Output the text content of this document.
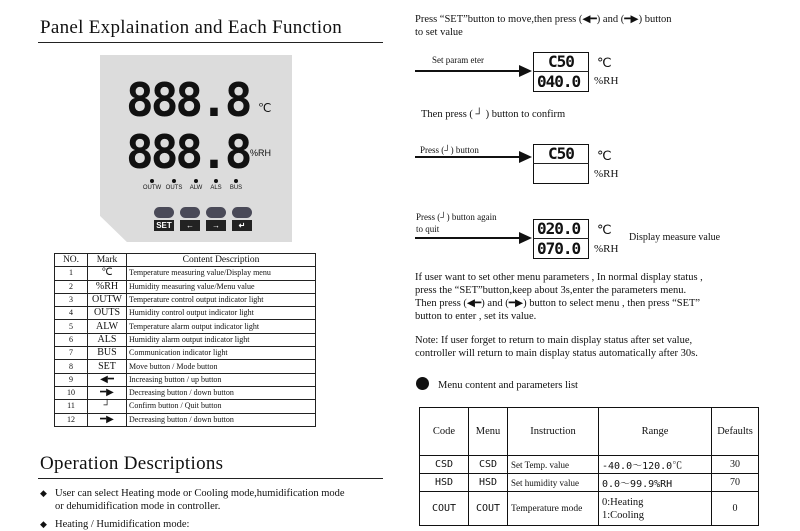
Panel Explaination and Each Function
888.8 ℃
888.8 %RH
OUTW OUTS	ALW	ALS	BUS
SET	←	→	↵
NO.	Mark	Content Description
1	℃	Temperature measuring value/Display menu
2	%RH	Humidity measuring value/Menu value
3	OUTW	Temperature control output indicator light
4	OUTS	Humidity control output indicator light
5	ALW	Temperature alarm output indicator light
6	ALS	Humidity alarm output indicator light
7	BUS	Communication indicator light
8	SET	Move button / Mode button
9	◀━	Increasing button / up button
10	━▶	Decreasing button / down button
11	┘	Confirm button / Quit button
12	━▶	Decreasing button / down button
Operation Descriptions
◆ User can select Heating mode or Cooling mode,humidification mode
or dehumidification mode in controller.
◆ Heating / Humidification mode:
Press “SET”button to move,then press (◀━) and (━▶) button
to set value
Set param eter	C50
040.0
℃
%RH
Then press ( ┘ ) button to confirm
Press (┘) button	C50 ℃
%RH
Press (┘) button again
to quit	020.0
070.0
℃
%RH
Display measure value
If user want to set other menu parameters , In normal display status ,
press the “SET”button,keep about 3s,enter the parameters menu.
Then press (◀━) and (━▶) button to select menu , then press “SET”
button to enter , set its value.
Note: If user forget to return to main display status after set value,
controller will return to main display status automatically after 30s.
Menu content and parameters list
Code	Menu	Instruction	Range	Defaults
CSD	CSD	Set Temp. value	-40.0～120.0℃	30
HSD	HSD	Set humidity value	0.0～99.9%RH	70
COUT	COUT	Temperature mode	0:Heating
1:Cooling	0
